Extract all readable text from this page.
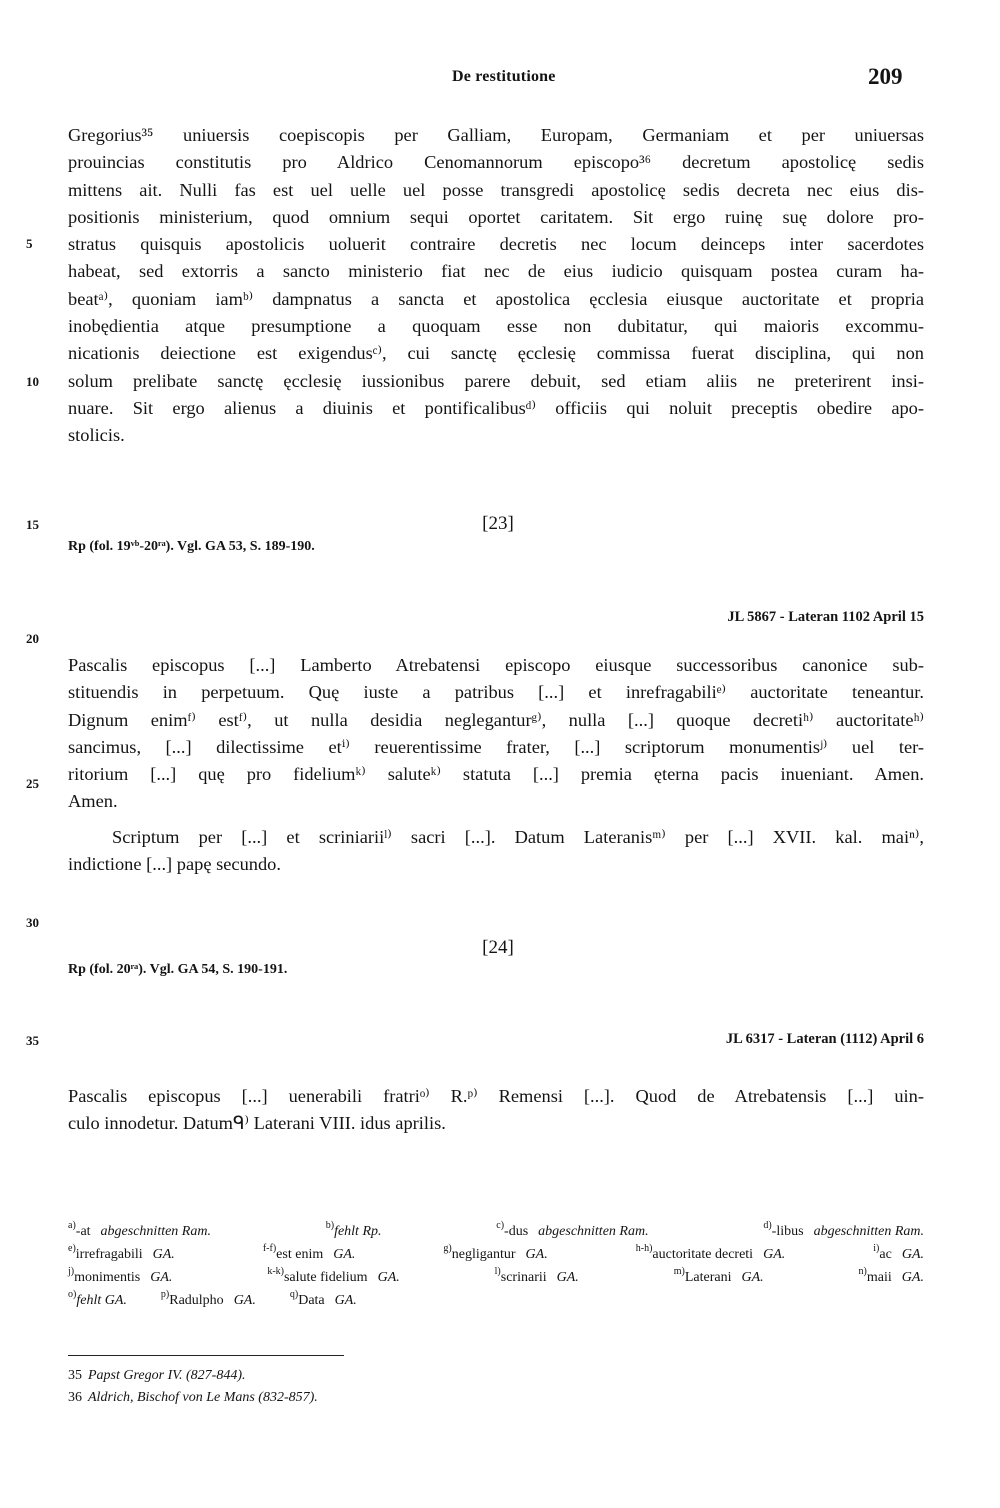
De restitutione	209
5
10
15
20
25
30
35
Gregorius³⁵ uniuersis coepiscopis per Galliam, Europam, Germaniam et per uniuersas
prouincias constitutis pro Aldrico Cenomannorum episcopo³⁶ decretum apostolicę sedis
mittens ait. Nulli fas est uel uelle uel posse transgredi apostolicę sedis decreta nec eius dis-
positionis ministerium, quod omnium sequi oportet caritatem. Sit ergo ruinę suę dolore pro-
stratus quisquis apostolicis uoluerit contraire decretis nec locum deinceps inter sacerdotes
habeat, sed extorris a sancto ministerio fiat nec de eius iudicio quisquam postea curam ha-
beatᵃ⁾, quoniam iamᵇ⁾ dampnatus a sancta et apostolica ęcclesia eiusque auctoritate et propria
inobędientia atque presumptione a quoquam esse non dubitatur, qui maioris excommu-
nicationis deiectione est exigendusᶜ⁾, cui sanctę ęcclesię commissa fuerat disciplina, qui non
solum prelibate sanctę ęcclesię iussionibus parere debuit, sed etiam aliis ne preterirent insi-
nuare. Sit ergo alienus a diuinis et pontificalibusᵈ⁾ officiis qui noluit preceptis obedire apo-
stolicis.
[23]
Rp (fol. 19ᵛᵇ-20ʳᵃ). Vgl. GA 53, S. 189-190.
JL 5867 - Lateran 1102 April 15
Pascalis episcopus [...] Lamberto Atrebatensi episcopo eiusque successoribus canonice sub-
stituendis in perpetuum. Quę iuste a patribus [...] et inrefragabiliᵉ⁾ auctoritate teneantur.
Dignum enimᶠ⁾ estᶠ⁾, ut nulla desidia negleganturᵍ⁾, nulla [...] quoque decretiʰ⁾ auctoritateʰ⁾
sancimus, [...] dilectissime etⁱ⁾ reuerentissime frater, [...] scriptorum monumentisʲ⁾ uel ter-
ritorium [...] quę pro fideliumᵏ⁾ saluteᵏ⁾ statuta [...] premia ęterna pacis inueniant. Amen.
Amen.
Scriptum per [...] et scriniariiˡ⁾ sacri [...]. Datum Lateranisᵐ⁾ per [...] XVII. kal. maiⁿ⁾,
indictione [...] papę secundo.
[24]
Rp (fol. 20ʳᵃ). Vgl. GA 54, S. 190-191.
JL 6317 - Lateran (1112) April 6
Pascalis episcopus [...] uenerabili fratriᵒ⁾ R.ᵖ⁾ Remensi [...]. Quod de Atrebatensis [...] uin-
culo innodetur. Datumᑫ⁾ Laterani VIII. idus aprilis.
$^{a)}$-at abgeschnitten Ram.	$^{b)}$fehlt Rp.	$^{c)}$-dus abgeschnitten Ram.	$^{d)}$-libus abgeschnitten Ram.
$^{e)}$irrefragabili GA.	$^{f-f)}$est enim GA.	$^{g)}$negligantur GA.	$^{h-h)}$auctoritate decreti GA.	$^{i)}$ac GA.
$^{j)}$monimentis GA.	$^{k-k)}$salute fidelium GA.	$^{l)}$scrinarii GA.	$^{m)}$Laterani GA.	$^{n)}$maii GA.
$^{o)}$fehlt GA.	$^{p)}$Radulpho GA.	$^{q)}$Data GA.
35 Papst Gregor IV. (827-844).
36 Aldrich, Bischof von Le Mans (832-857).
